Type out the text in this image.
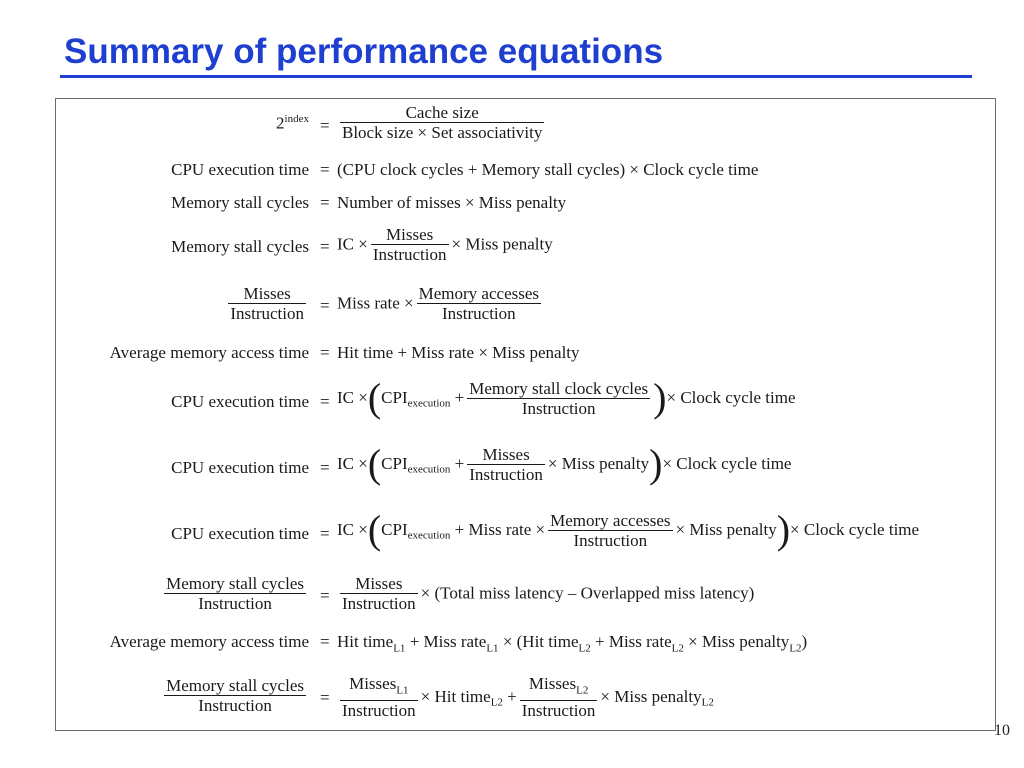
Summary of performance equations
$2^{index} = \frac{\text{Cache size}}{\text{Block size × Set associativity}}$
CPU execution time = (CPU clock cycles + Memory stall cycles) × Clock cycle time
Memory stall cycles = Number of misses × Miss penalty
Memory stall cycles = IC × $\frac{\text{Misses}}{\text{Instruction}}$ × Miss penalty
$\frac{\text{Misses}}{\text{Instruction}}$ = Miss rate × $\frac{\text{Memory accesses}}{\text{Instruction}}$
Average memory access time = Hit time + Miss rate × Miss penalty
CPU execution time = IC $\times(CPI_{execution} + \frac{\text{Memory stall clock cycles}}{\text{Instruction}}$ )× Clock cycle time
CPU execution time = IC $\times(CPI_{execution} + \frac{\text{Misses}}{\text{Instruction}}$ × Miss penalty)× Clock cycle time
CPU execution time = IC $\times(CPI_{execution}$ + Miss rate × $\frac{\text{Memory accesses}}{\text{Instruction}}$ × Miss penalty)× Clock cycle time
$\frac{\text{Memory stall cycles}}{\text{Instruction}} = \frac{\text{Misses}}{\text{Instruction}}$ × (Total miss latency – Overlapped miss latency)
Average memory access time = Hit time$_{L1}$ + Miss rate$_{L1}$ × (Hit time$_{L2}$ + Miss rate$_{L2}$ × Miss penalty$_{L2}$)
$\frac{\text{Memory stall cycles}}{\text{Instruction}} = \frac{Misses_{L1}}{\text{Instruction}}$ × Hit time$_{L2}$ + $\frac{Misses_{L2}}{\text{Instruction}}$ × Miss penalty$_{L2}$
10
